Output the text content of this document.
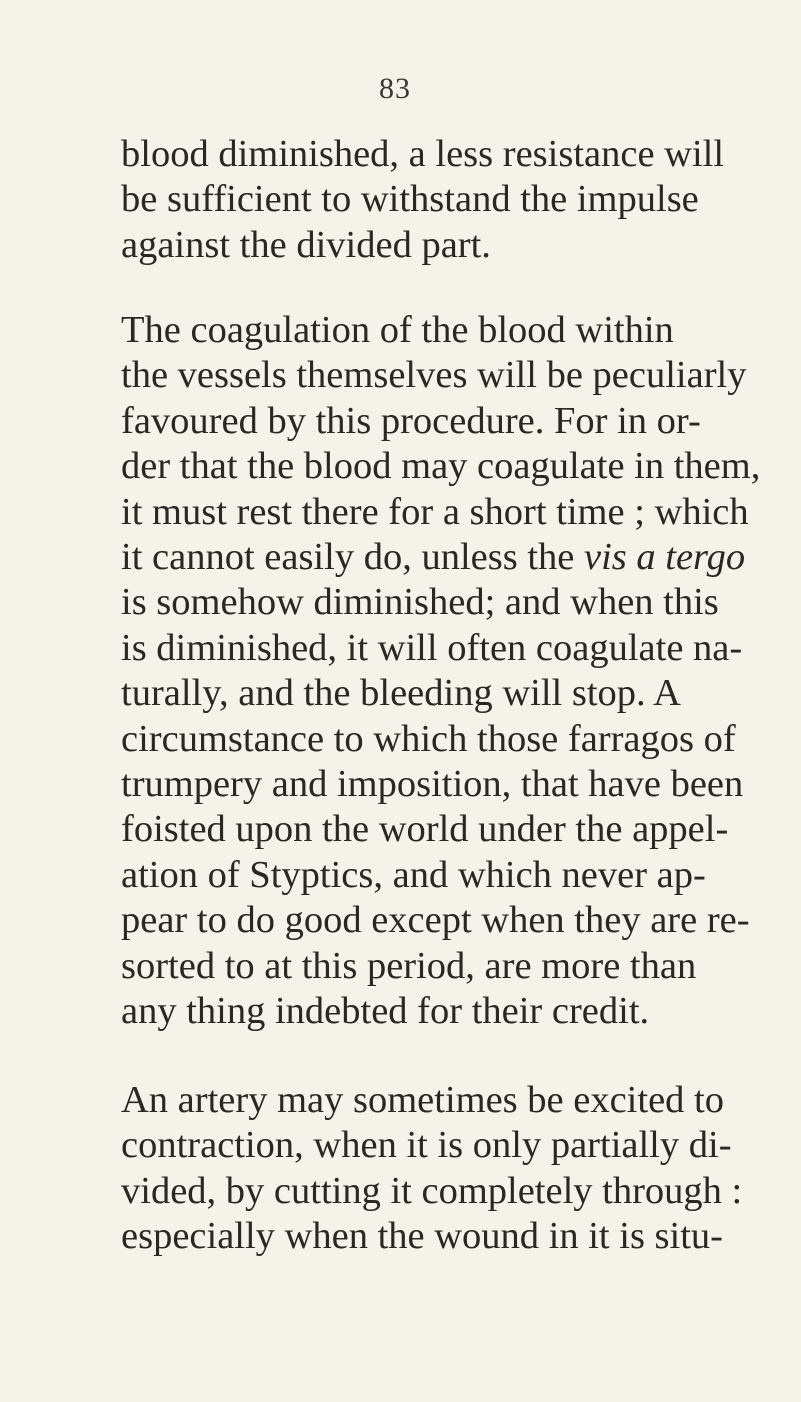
83
blood diminished, a less resistance will
be sufficient to withstand the impulse
against the divided part.
The coagulation of the blood within
the vessels themselves will be peculiarly
favoured by this procedure. For in or-
der that the blood may coagulate in them,
it must rest there for a short time ; which
it cannot easily do, unless the vis a tergo
is somehow diminished; and when this
is diminished, it will often coagulate na-
turally, and the bleeding will stop. A
circumstance to which those farragos of
trumpery and imposition, that have been
foisted upon the world under the appel-
ation of Styptics, and which never ap-
pear to do good except when they are re-
sorted to at this period, are more than
any thing indebted for their credit.
An artery may sometimes be excited to
contraction, when it is only partially di-
vided, by cutting it completely through :
especially when the wound in it is situ-
